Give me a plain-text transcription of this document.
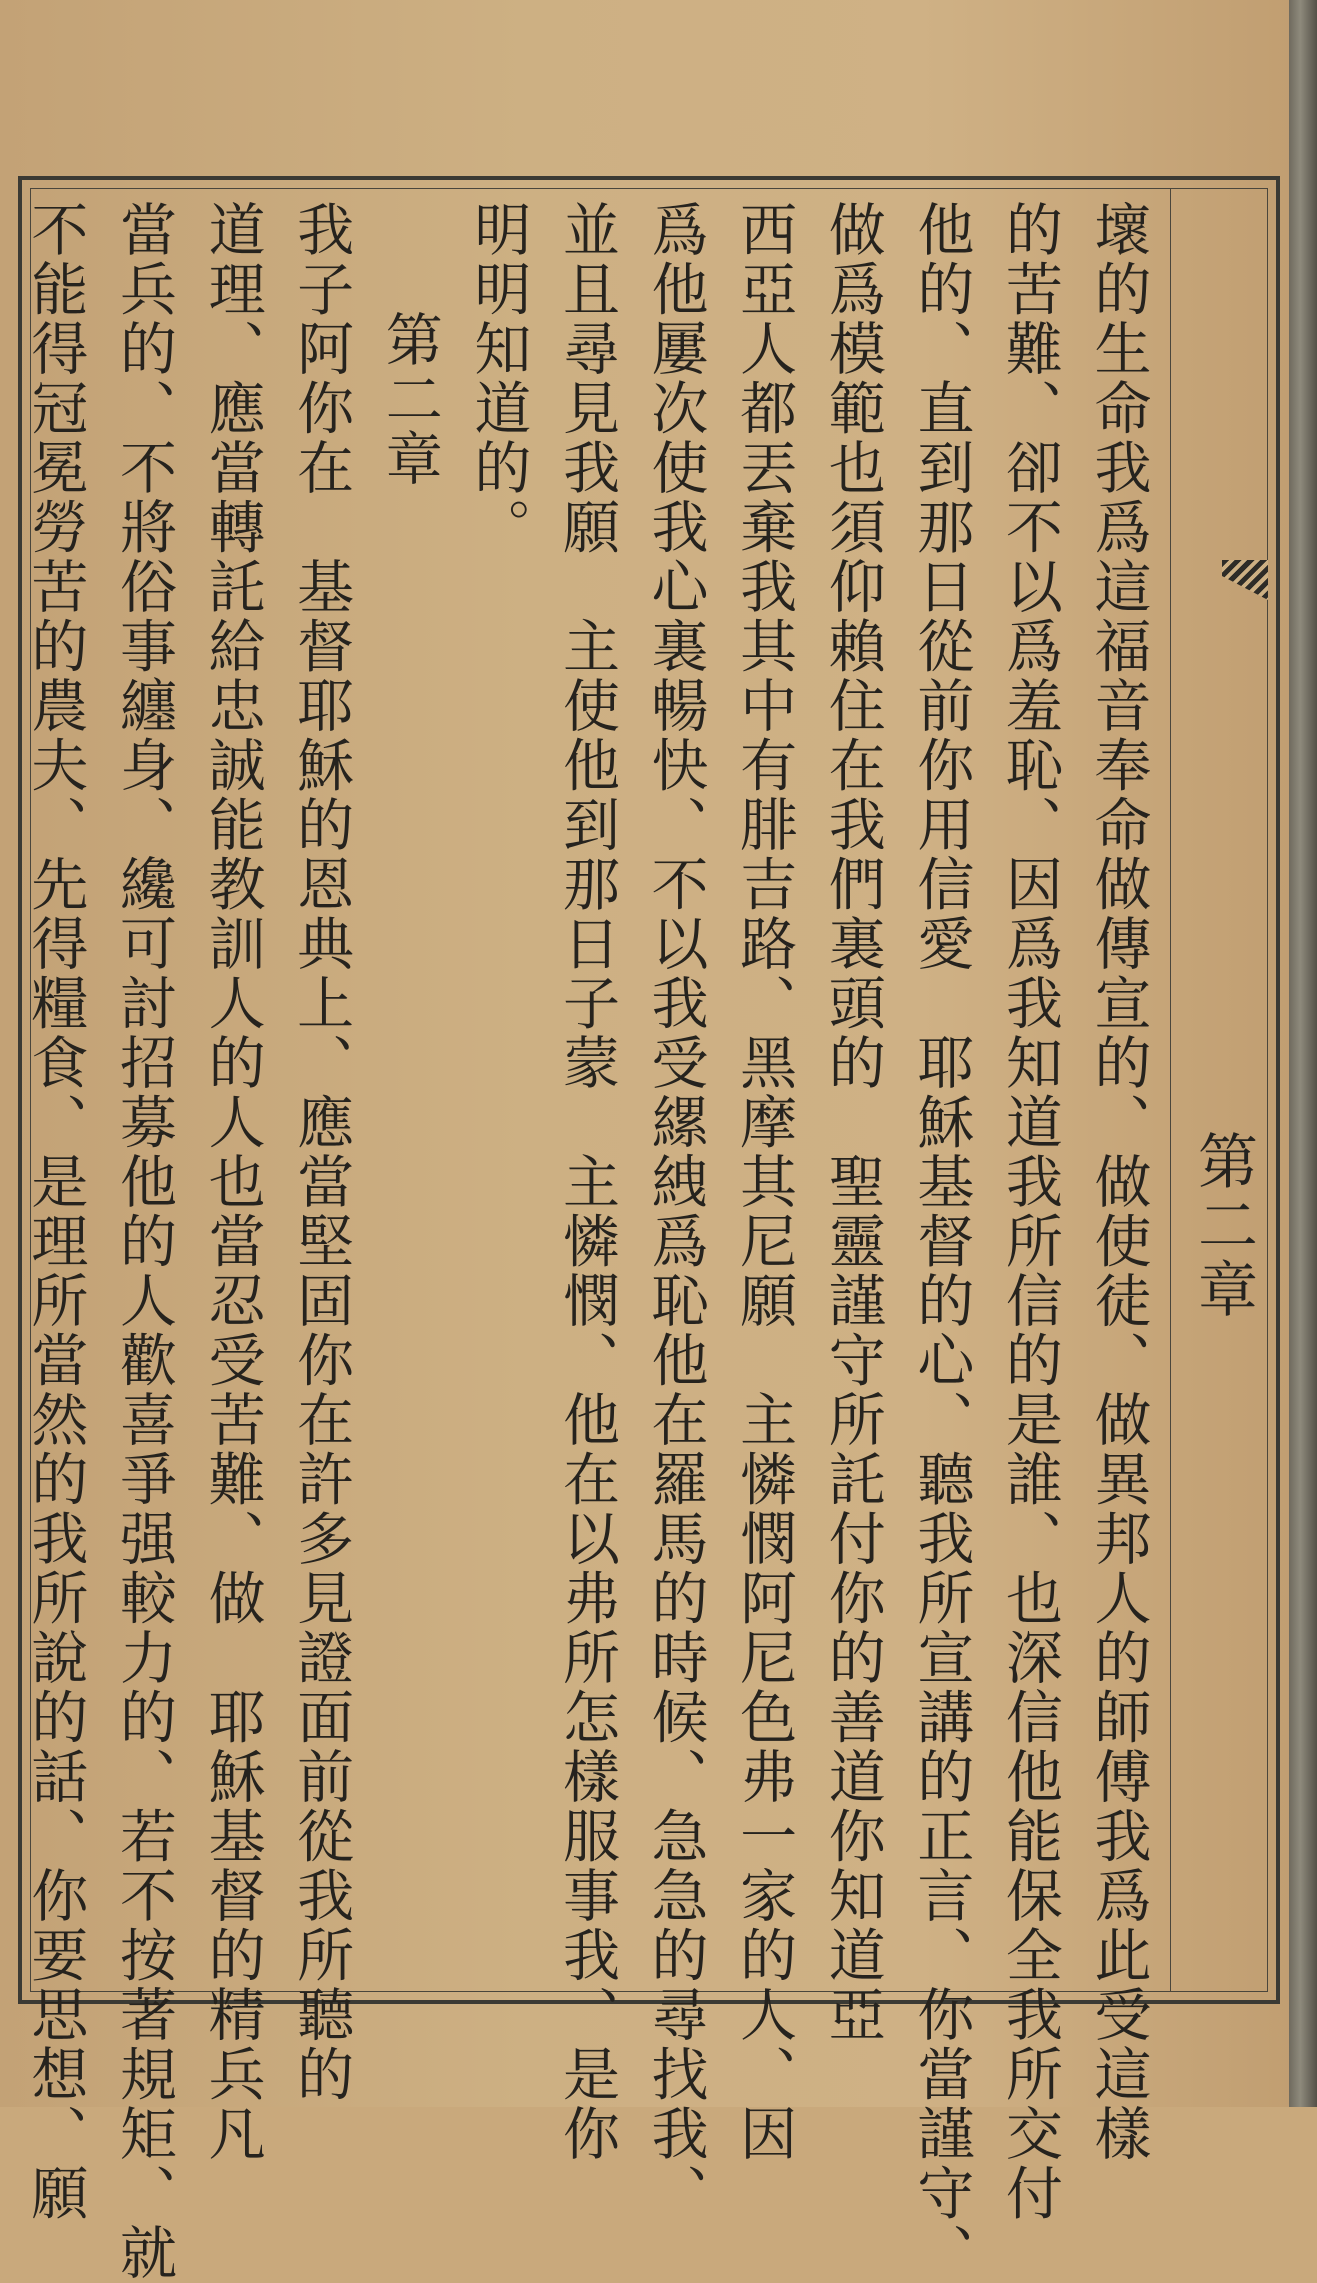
第二章
壞的生命我爲這福音奉命做傳宣的、做使徒、做異邦人的師傅我爲此受這樣
的苦難、卻不以爲羞恥、因爲我知道我所信的是誰、也深信他能保全我所交付
他的、直到那日從前你用信愛　耶穌基督的心、聽我所宣講的正言、你當謹守、
做爲模範也須仰賴住在我們裏頭的　聖靈謹守所託付你的善道你知道亞
西亞人都丟棄我其中有腓吉路、黑摩其尼願　主憐憫阿尼色弗一家的人、因
爲他屢次使我心裏暢快、不以我受縲絏爲恥他在羅馬的時候、急急的尋找我、
並且尋見我願　主使他到那日子蒙　主憐憫、他在以弗所怎樣服事我、是你
明明知道的。
第二章
我子阿你在　基督耶穌的恩典上、應當堅固你在許多見證面前從我所聽的
道理、應當轉託給忠誠能教訓人的人也當忍受苦難、做　耶穌基督的精兵凡
當兵的、不將俗事纏身、纔可討招募他的人歡喜爭强較力的、若不按著規矩、就
不能得冠冕勞苦的農夫、先得糧食、是理所當然的我所說的話、你要思想、願
